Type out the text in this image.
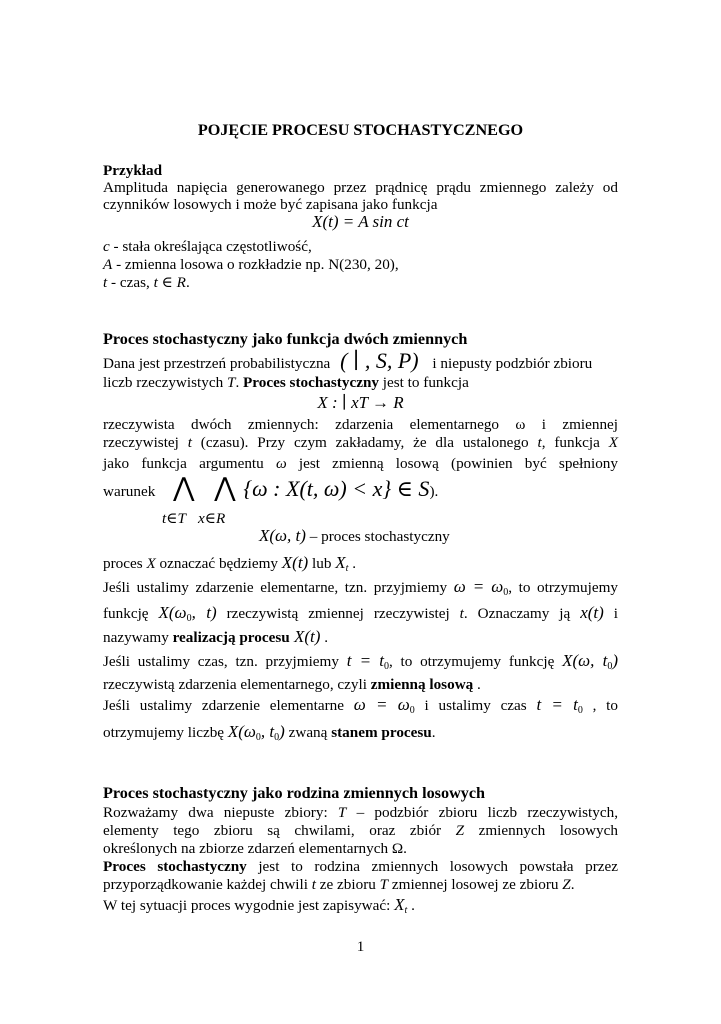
POJĘCIE PROCESU STOCHASTYCZNEGO
Przykład
Amplituda napięcia generowanego przez prądnicę prądu zmiennego zależy od
czynników losowych i może być zapisana jako funkcja
X(t) = A sin ct
c - stała określająca częstotliwość,
A - zmienna losowa o rozkładzie np. N(230, 20),
t - czas, t ∈ R.
Proces stochastyczny jako funkcja dwóch zmiennych
Dana jest przestrzeń probabilistyczna ( ∣ , S, P) i niepusty podzbiór zbioru
liczb rzeczywistych T. Proces stochastyczny jest to funkcja
X : ∣ xT → R
rzeczywista dwóch zmiennych: zdarzenia elementarnego ω i zmiennej
rzeczywistej t (czasu). Przy czym zakładamy, że dla ustalonego t, funkcja X
jako funkcja argumentu ω jest zmienną losową (powinien być spełniony
warunek ⋀ ⋀ {ω : X(t, ω) < x} ∈ S).
t∈T x∈R
X(ω, t) – proces stochastyczny
proces X oznaczać będziemy X(t) lub $X_t$ .
Jeśli ustalimy zdarzenie elementarne, tzn. przyjmiemy $\omega = \omega_0$, to otrzymujemy
funkcję $X(\omega_0$, t) rzeczywistą zmiennej rzeczywistej t. Oznaczamy ją x(t) i
nazywamy realizacją procesu X(t) .
Jeśli ustalimy czas, tzn. przyjmiemy $t = t_0$, to otrzymujemy funkcję X(ω, $t_0$)
rzeczywistą zdarzenia elementarnego, czyli zmienną losową .
Jeśli ustalimy zdarzenie elementarne $\omega = \omega_0$ i ustalimy czas $t = t_0$ , to
otrzymujemy liczbę $X(\omega_0$, $t_0$) zwaną stanem procesu.
Proces stochastyczny jako rodzina zmiennych losowych
Rozważamy dwa niepuste zbiory: T – podzbiór zbioru liczb rzeczywistych,
elementy tego zbioru są chwilami, oraz zbiór Z zmiennych losowych
określonych na zbiorze zdarzeń elementarnych Ω.
Proces stochastyczny jest to rodzina zmiennych losowych powstała przez
przyporządkowanie każdej chwili t ze zbioru T zmiennej losowej ze zbioru Z.
W tej sytuacji proces wygodnie jest zapisywać: $X_t$ .
1
